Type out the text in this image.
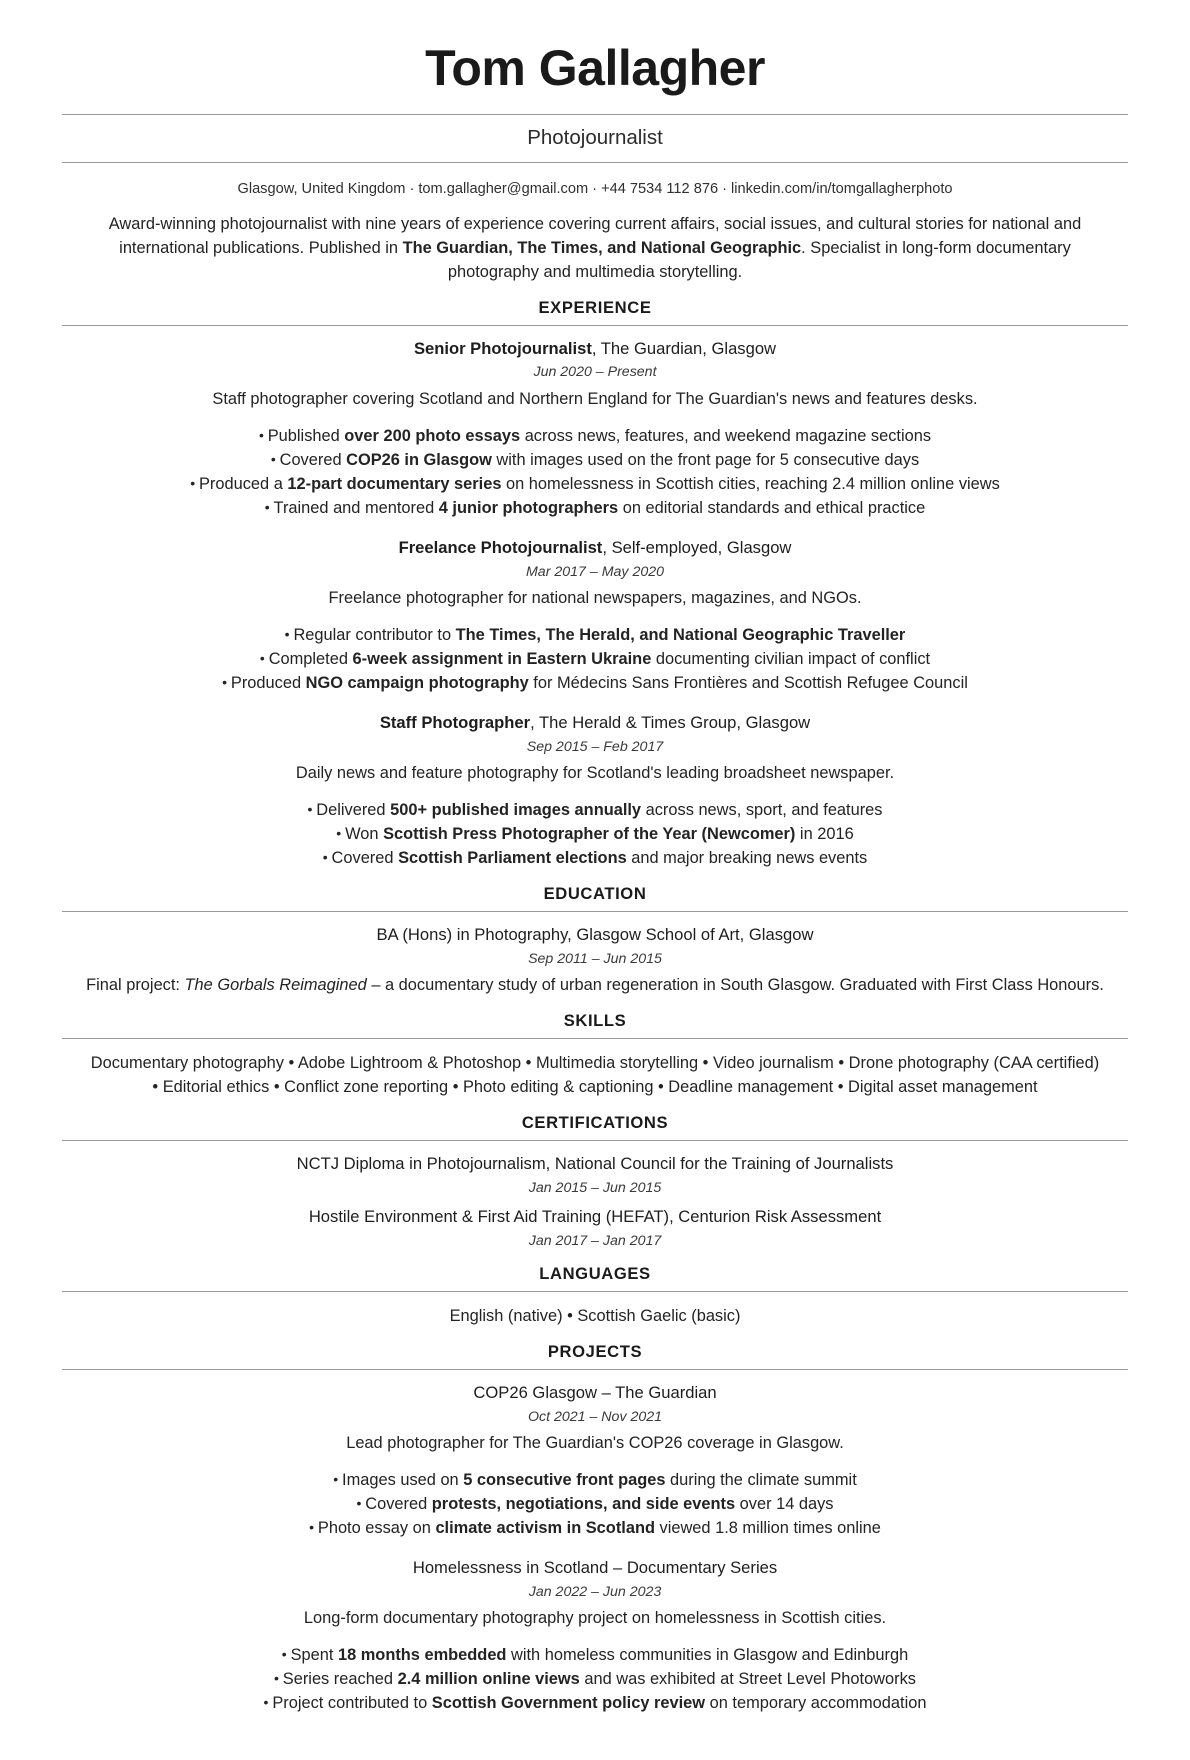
Tom Gallagher
Photojournalist
Glasgow, United Kingdom · tom.gallagher@gmail.com · +44 7534 112 876 · linkedin.com/in/tomgallagherphoto
Award-winning photojournalist with nine years of experience covering current affairs, social issues, and cultural stories for national and international publications. Published in The Guardian, The Times, and National Geographic. Specialist in long-form documentary photography and multimedia storytelling.
EXPERIENCE
Senior Photojournalist, The Guardian, Glasgow
Jun 2020 – Present
Staff photographer covering Scotland and Northern England for The Guardian's news and features desks.
• Published over 200 photo essays across news, features, and weekend magazine sections
• Covered COP26 in Glasgow with images used on the front page for 5 consecutive days
• Produced a 12-part documentary series on homelessness in Scottish cities, reaching 2.4 million online views
• Trained and mentored 4 junior photographers on editorial standards and ethical practice
Freelance Photojournalist, Self-employed, Glasgow
Mar 2017 – May 2020
Freelance photographer for national newspapers, magazines, and NGOs.
• Regular contributor to The Times, The Herald, and National Geographic Traveller
• Completed 6-week assignment in Eastern Ukraine documenting civilian impact of conflict
• Produced NGO campaign photography for Médecins Sans Frontières and Scottish Refugee Council
Staff Photographer, The Herald & Times Group, Glasgow
Sep 2015 – Feb 2017
Daily news and feature photography for Scotland's leading broadsheet newspaper.
• Delivered 500+ published images annually across news, sport, and features
• Won Scottish Press Photographer of the Year (Newcomer) in 2016
• Covered Scottish Parliament elections and major breaking news events
EDUCATION
BA (Hons) in Photography, Glasgow School of Art, Glasgow
Sep 2011 – Jun 2015
Final project: The Gorbals Reimagined – a documentary study of urban regeneration in South Glasgow. Graduated with First Class Honours.
SKILLS
Documentary photography • Adobe Lightroom & Photoshop • Multimedia storytelling • Video journalism • Drone photography (CAA certified)
• Editorial ethics • Conflict zone reporting • Photo editing & captioning • Deadline management • Digital asset management
CERTIFICATIONS
NCTJ Diploma in Photojournalism, National Council for the Training of Journalists
Jan 2015 – Jun 2015
Hostile Environment & First Aid Training (HEFAT), Centurion Risk Assessment
Jan 2017 – Jan 2017
LANGUAGES
English (native) • Scottish Gaelic (basic)
PROJECTS
COP26 Glasgow – The Guardian
Oct 2021 – Nov 2021
Lead photographer for The Guardian's COP26 coverage in Glasgow.
• Images used on 5 consecutive front pages during the climate summit
• Covered protests, negotiations, and side events over 14 days
• Photo essay on climate activism in Scotland viewed 1.8 million times online
Homelessness in Scotland – Documentary Series
Jan 2022 – Jun 2023
Long-form documentary photography project on homelessness in Scottish cities.
• Spent 18 months embedded with homeless communities in Glasgow and Edinburgh
• Series reached 2.4 million online views and was exhibited at Street Level Photoworks
• Project contributed to Scottish Government policy review on temporary accommodation
